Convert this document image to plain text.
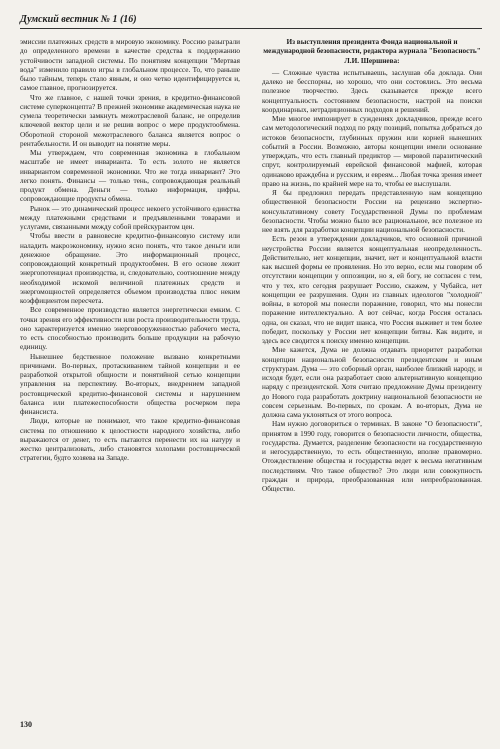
Думский вестник № 1 (16)

эмиссии платежных средств в мировую экономику. Россию разыграли до определенного времени в качестве средства к поддержанию устойчивости западной системы. По понятиям концепции "Мертвая вода" изменило правило игры в глобальном процессе. То, что раньше было тайным, теперь стало явным, и оно четко идентифицируется и, самое главное, прогнозируется.

Что же главное, с нашей точки зрения, в кредитно-финансовой системе суперконцепта? В прежней экономике академическая наука не сумела теоретически замкнуть межотраслевой баланс, не определив ключевой вектор цели и не решив вопрос о мере продуктообмена. Оборотной стороной межотраслевого баланса является вопрос о рентабельности. И он выводит на понятие меры.

Мы утверждаем, что современная экономика в глобальном масштабе не имеет инварианта. То есть золото не является инвариантом современной экономики. Что же тогда инвариант? Это легко понять. Финансы — только тень, сопровождающая реальный продукт обмена. Деньги — только информация, цифры, сопровождающие продукты обмена.

Рынок — это динамический процесс некоего устойчивого единства между платежными средствами и предъявленными товарами и услугами, связанными между собой прейскурантом цен.

Чтобы ввести в равновесие кредитно-финансовую систему или наладить макроэкономику, нужно ясно понять, что такое деньги или денежное обращение. Это информационный процесс, сопровождающий конкретный продуктообмен. В его основе лежит энергопотенциал производства, и, следовательно, соотношение между необходимой искомой величиной платежных средств и энергомощностей определяется объемом производства плюс неким коэффициентом пересчета.

Все современное производство является энергетически емким. С точки зрения его эффективности или роста производительности труда, оно характеризуется именно энерговооруженностью рабочего места, то есть способностью производить больше продукции на рабочую единицу.

Нынешнее бедственное положение вызвано конкретными причинами. Во-первых, протаскиванием тайной концепции и ее разработкой открытой общности и понятийной сетью концепции управления на перспективу. Во-вторых, внедрением западной ростовщической кредитно-финансовой системы и нарушением баланса или платежеспособности общества росчерком пера финансиста.

Люди, которые не понимают, что такое кредитно-финансовая система по отношению к целостности народного хозяйства, либо выражаются от денег, то есть пытаются перенести их на натуру и жестко централизовать, либо становятся холопами ростовщической стратегии, будто хозяева на Западе.

Из выступления президента Фонда национальной и международной безопасности, редактора журнала "Безопасность" Л.И. Шершнева:

— Сложные чувства испытываешь, заслушав оба доклада. Они далеко не бесспорны, но хорошо, что они состоялись. Это весьма полезное творчество. Здесь сказывается прежде всего концептуальность состоянием безопасности, настрой на поиски координарных, нетрадиционных подходов и решений.

Мне многое импонирует в суждениях докладчиков, прежде всего сам методологический подход по ряду позиций, попытка добраться до истоков безопасности, глубинных пружин или корней нынешних событий в России. Возможно, авторы концепции имели основание утверждать, что есть главный предиктор — мировой паразитический спрут, контролируемый еврейской финансовой мафией, которая одинаково враждебна и русским, и евреям... Любая точка зрения имеет право на жизнь, по крайней мере на то, чтобы ее выслушали.

Я бы предложил передать представленную нам концепцию общественной безопасности России на рецензию экспертно-консультативному совету Государственной Думы по проблемам безопасности. Чтобы можно было все рациональное, все полезное из нее взять для разработки концепции национальной безопасности.

Есть резон в утверждении докладчиков, что основной причиной неустройства России является концептуальная неопределенность. Действительно, нет концепции, значит, нет и концептуальной власти как высшей формы ее проявления. Но это верно, если мы говорим об отсутствии концепции у оппозиции, но я, ей богу, не согласен с тем, что у тех, кто сегодня разрушает Россию, скажем, у Чубайса, нет концепции ее разрушения. Один из главных идеологов "холодной" войны, в которой мы понесли поражение, говорил, что мы понесли поражение интеллектуально. А вот сейчас, когда Россия осталась одна, он сказал, что не видит шанса, что Россия выживет и тем более победит, поскольку у России нет концепции битвы. Как видите, и здесь все сводится к поиску именно концепции.

Мне кажется, Дума не должна отдавать приоритет разработки концепции национальной безопасности президентским и иным структурам. Дума — это соборный орган, наиболее близкий народу, и исходя будет, если она разработает свою альтернативную концепцию наряду с президентской. Хотя считаю предложение Думы президенту до Нового года разработать доктрину национальной безопасности не совсем серьезным. Во-первых, по срокам. А во-вторых, Дума не должна сама уклоняться от этого вопроса.

Нам нужно договориться о терминах. В законе "О безопасности", принятом в 1990 году, говорится о безопасности личности, общества, государства. Думается, разделение безопасности на государственную и негосударственную, то есть общественную, вполне правомерно. Отождествление общества и государства ведет к весьма негативным последствиям. Что такое общество? Это люди или совокупность граждан и природа, преобразованная или непреобразованная. Общество.

130
